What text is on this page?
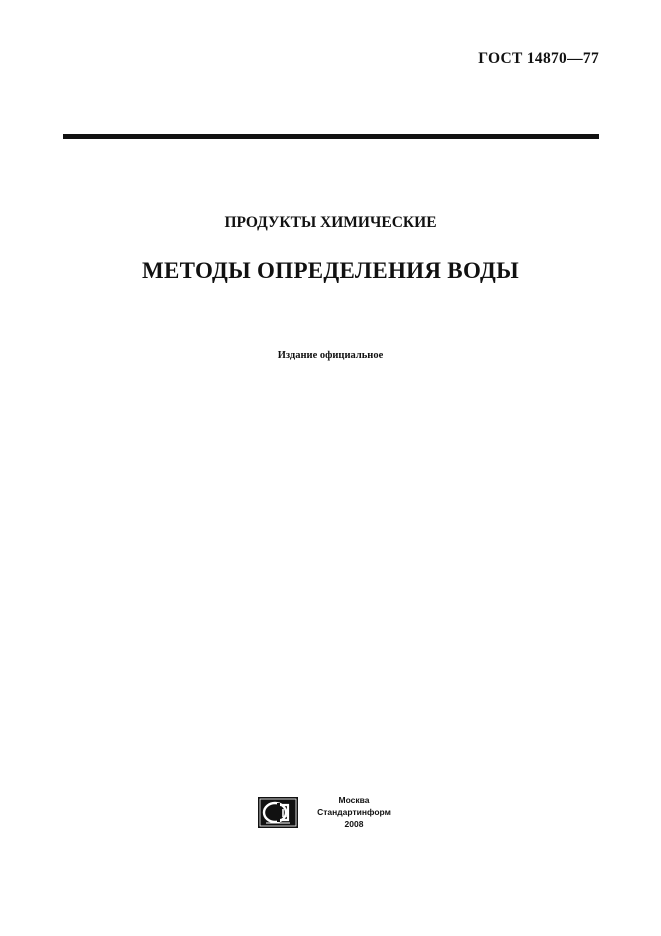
ГОСТ 14870—77
ПРОДУКТЫ ХИМИЧЕСКИЕ
МЕТОДЫ ОПРЕДЕЛЕНИЯ ВОДЫ
Издание официальное
Москва
Стандартинформ
2008
